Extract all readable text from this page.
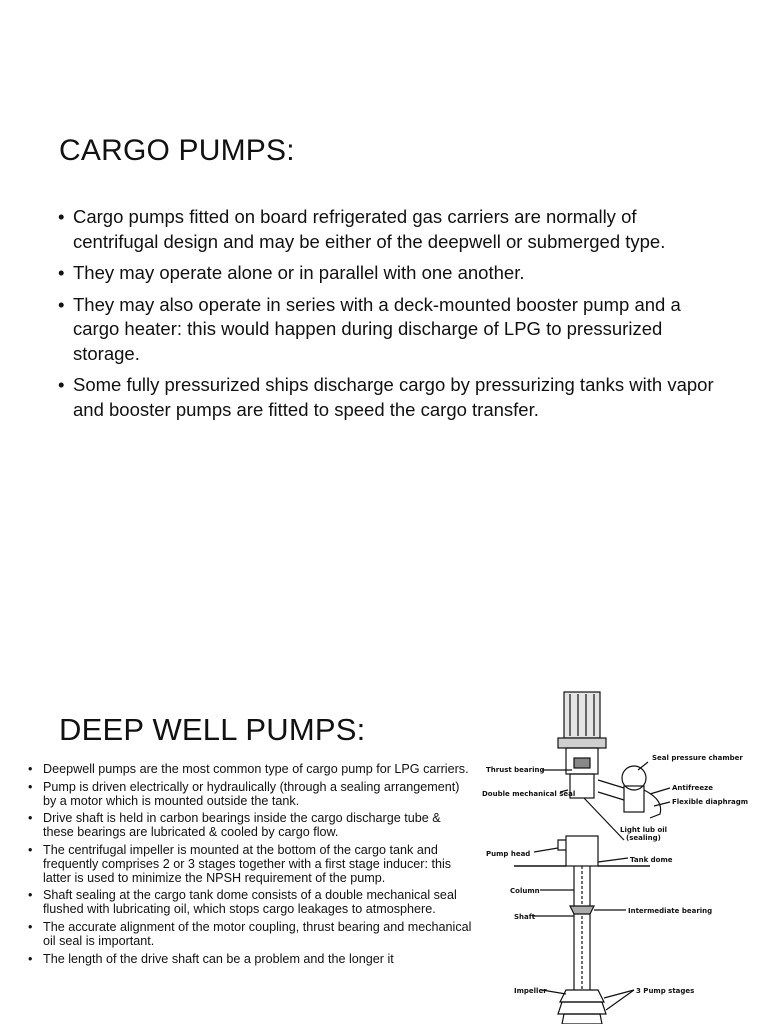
CARGO PUMPS:
• Cargo pumps fitted on board refrigerated gas carriers are normally of centrifugal design and may be either of the deepwell or submerged type.
• They may operate alone or in parallel with one another.
• They may also operate in series with a deck-mounted booster pump and a cargo heater: this would happen during discharge of LPG to pressurized storage.
• Some fully pressurized ships discharge cargo by pressurizing tanks with vapor and booster pumps are fitted to speed the cargo transfer.
DEEP WELL PUMPS:
• Deepwell pumps are the most common type of cargo pump for LPG carriers.
• Pump is driven electrically or hydraulically (through a sealing arrangement) by a motor which is mounted outside the tank.
• Drive shaft is held in carbon bearings inside the cargo discharge tube & these bearings are lubricated & cooled by cargo flow.
• The centrifugal impeller is mounted at the bottom of the cargo tank and frequently comprises 2 or 3 stages together with a first stage inducer: this latter is used to minimize the NPSH requirement of the pump.
• Shaft sealing at the cargo tank dome consists of a double mechanical seal flushed with lubricating oil, which stops cargo leakages to atmosphere.
• The accurate alignment of the motor coupling, thrust bearing and mechanical oil seal is important.
• The length of the drive shaft can be a problem and the longer it
Seal pressure chamber
Thrust bearing
Double mechanical seal
Antifreeze
Flexible diaphragm
Light lub oil
(sealing)
Pump head
Tank dome
Column
Shaft
Intermediate bearing
Impeller	3 Pump stages
